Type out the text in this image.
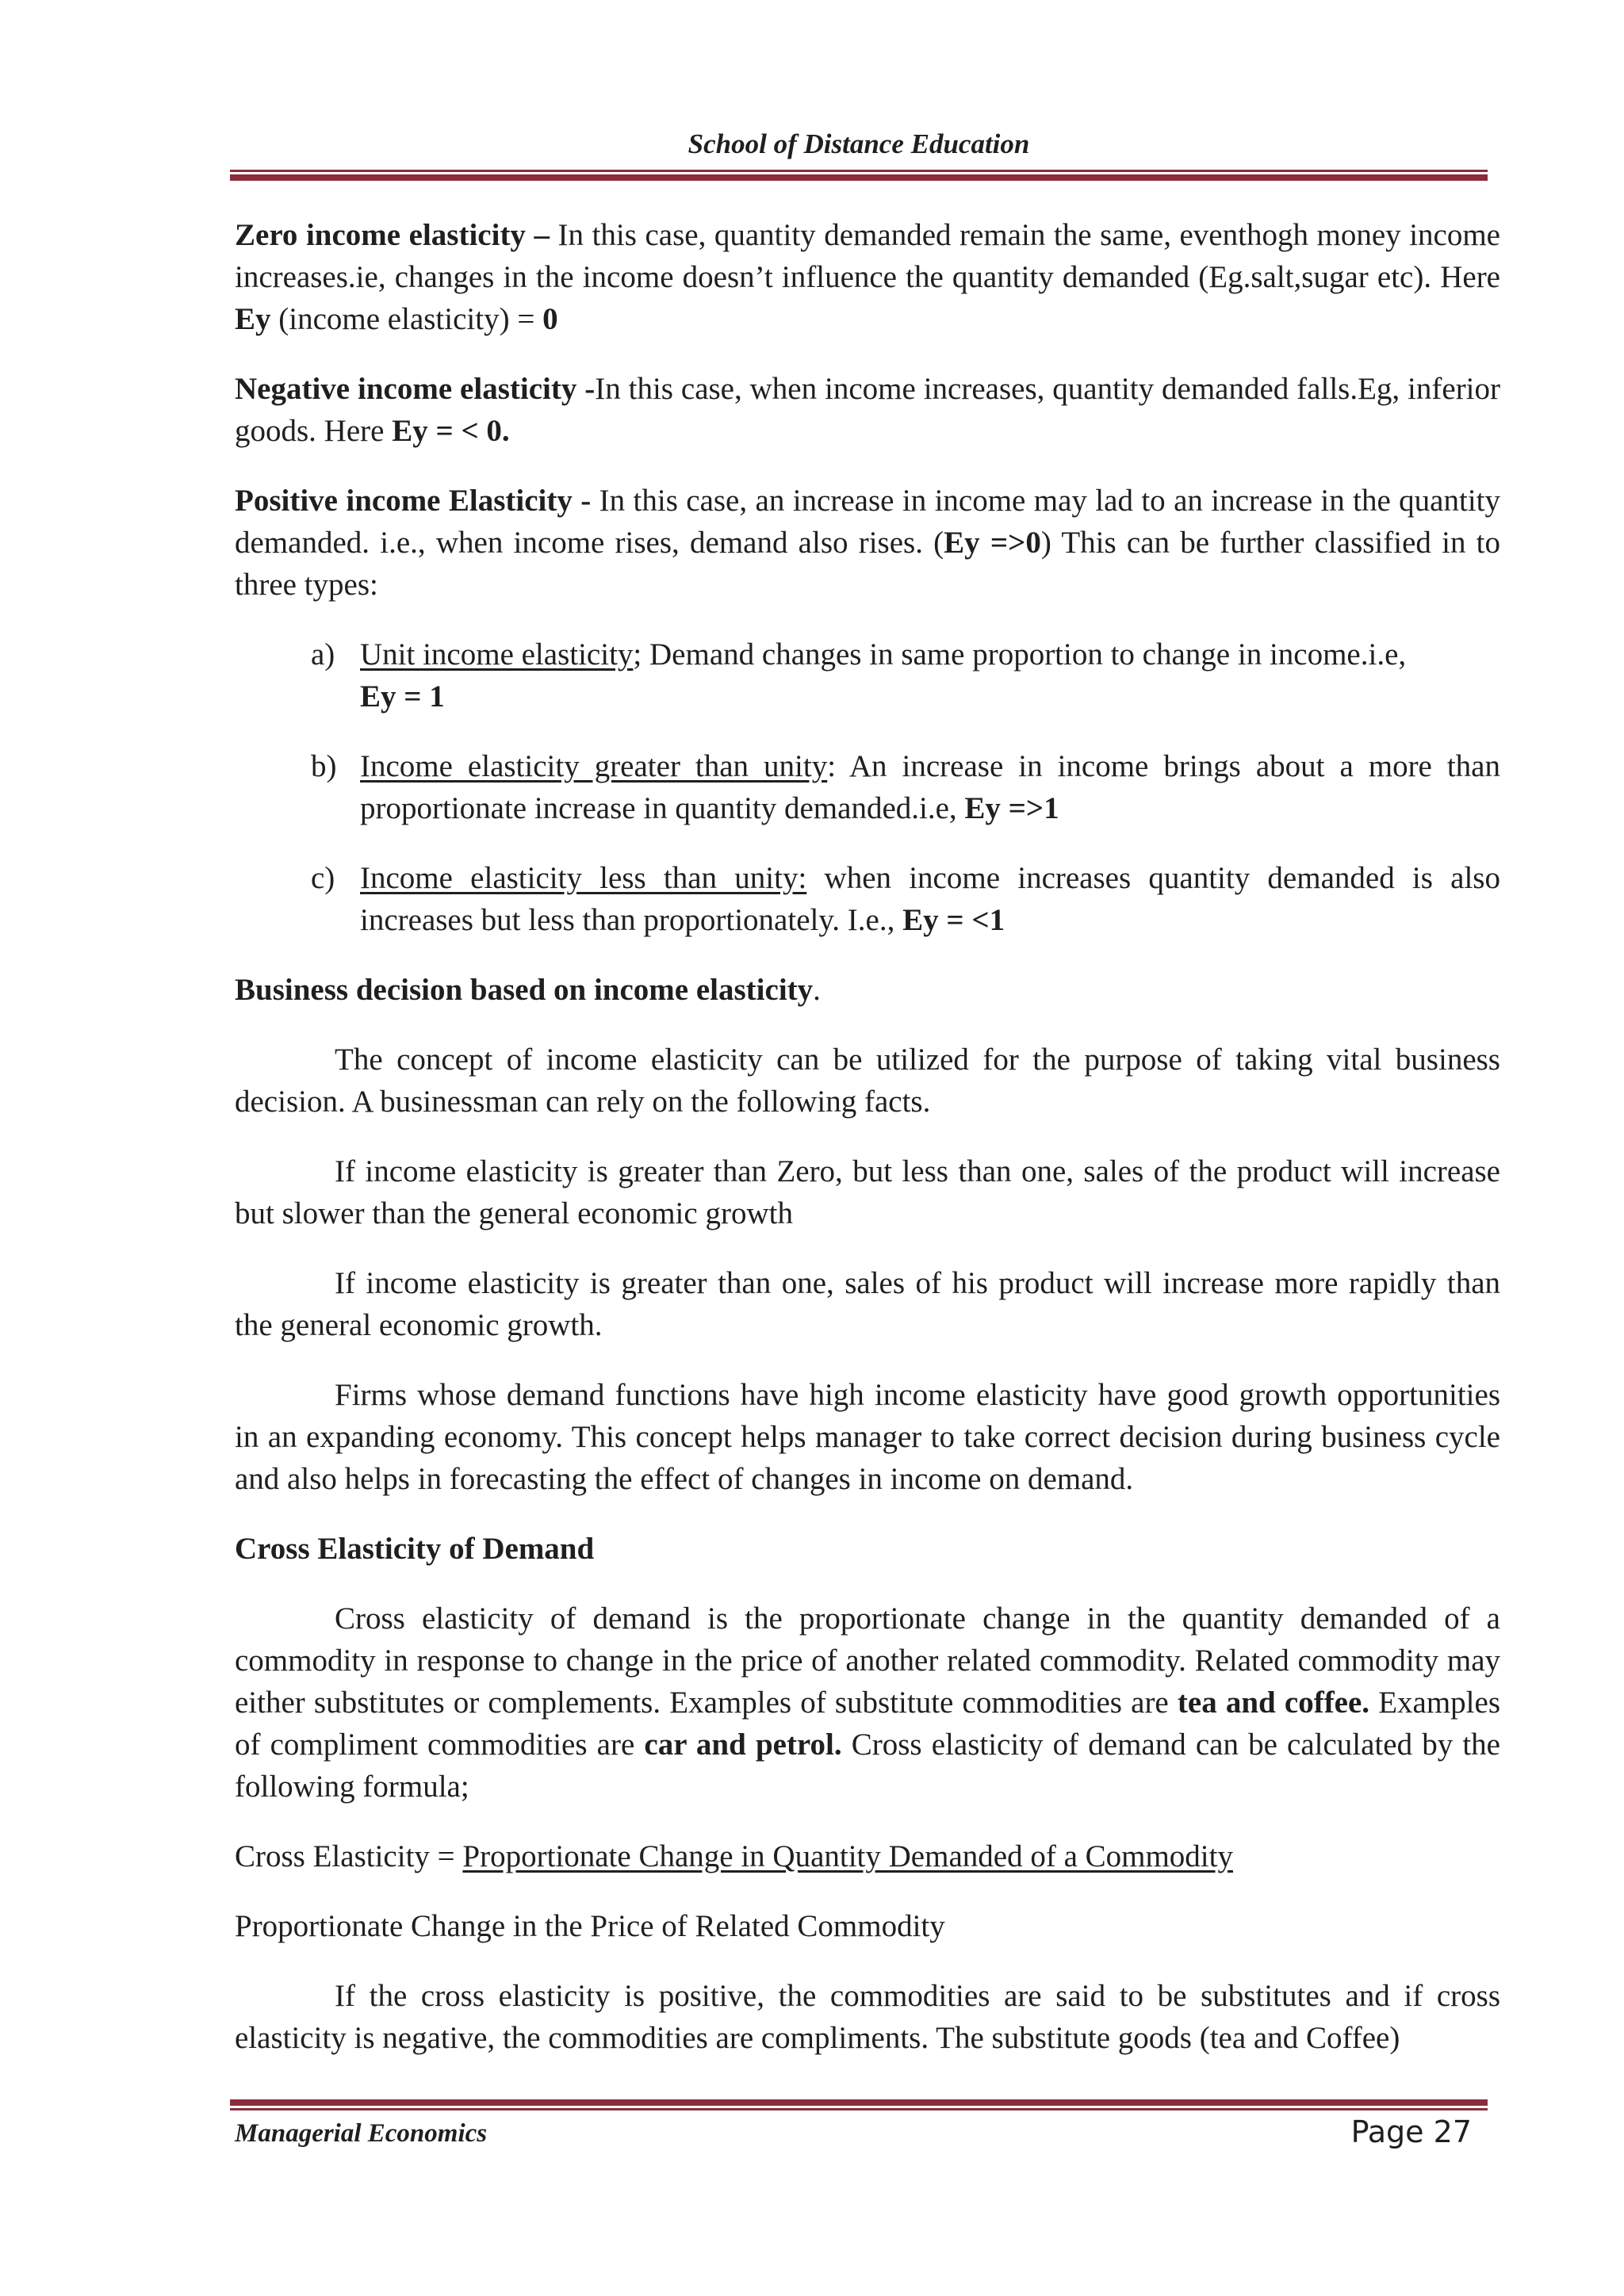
School of Distance Education

Zero income elasticity – In this case, quantity demanded remain the same, eventhogh money income increases.ie, changes in the income doesn’t influence the quantity demanded (Eg.salt,sugar etc). Here Ey (income elasticity) = 0

Negative income elasticity -In this case, when income increases, quantity demanded falls.Eg, inferior goods. Here Ey = < 0.

Positive income Elasticity - In this case, an increase in income may lad to an increase in the quantity demanded. i.e., when income rises, demand also rises. (Ey =>0) This can be further classified in to three types:

a) Unit income elasticity; Demand changes in same proportion to change in income.i.e,
Ey = 1
b) Income elasticity greater than unity: An increase in income brings about a more than proportionate increase in quantity demanded.i.e, Ey =>1
c) Income elasticity less than unity: when income increases quantity demanded is also increases but less than proportionately. I.e., Ey = <1

Business decision based on income elasticity.

The concept of income elasticity can be utilized for the purpose of taking vital business decision. A businessman can rely on the following facts.

If income elasticity is greater than Zero, but less than one, sales of the product will increase but slower than the general economic growth

If income elasticity is greater than one, sales of his product will increase more rapidly than the general economic growth.

Firms whose demand functions have high income elasticity have good growth opportunities in an expanding economy. This concept helps manager to take correct decision during business cycle and also helps in forecasting the effect of changes in income on demand.

Cross Elasticity of Demand

Cross elasticity of demand is the proportionate change in the quantity demanded of a commodity in response to change in the price of another related commodity. Related commodity may either substitutes or complements. Examples of substitute commodities are tea and coffee. Examples of compliment commodities are car and petrol. Cross elasticity of demand can be calculated by the following formula;

Cross Elasticity = Proportionate Change in Quantity Demanded of a Commodity

Proportionate Change in the Price of Related Commodity

If the cross elasticity is positive, the commodities are said to be substitutes and if cross elasticity is negative, the commodities are compliments. The substitute goods (tea and Coffee)

Managerial Economics	Page 27
